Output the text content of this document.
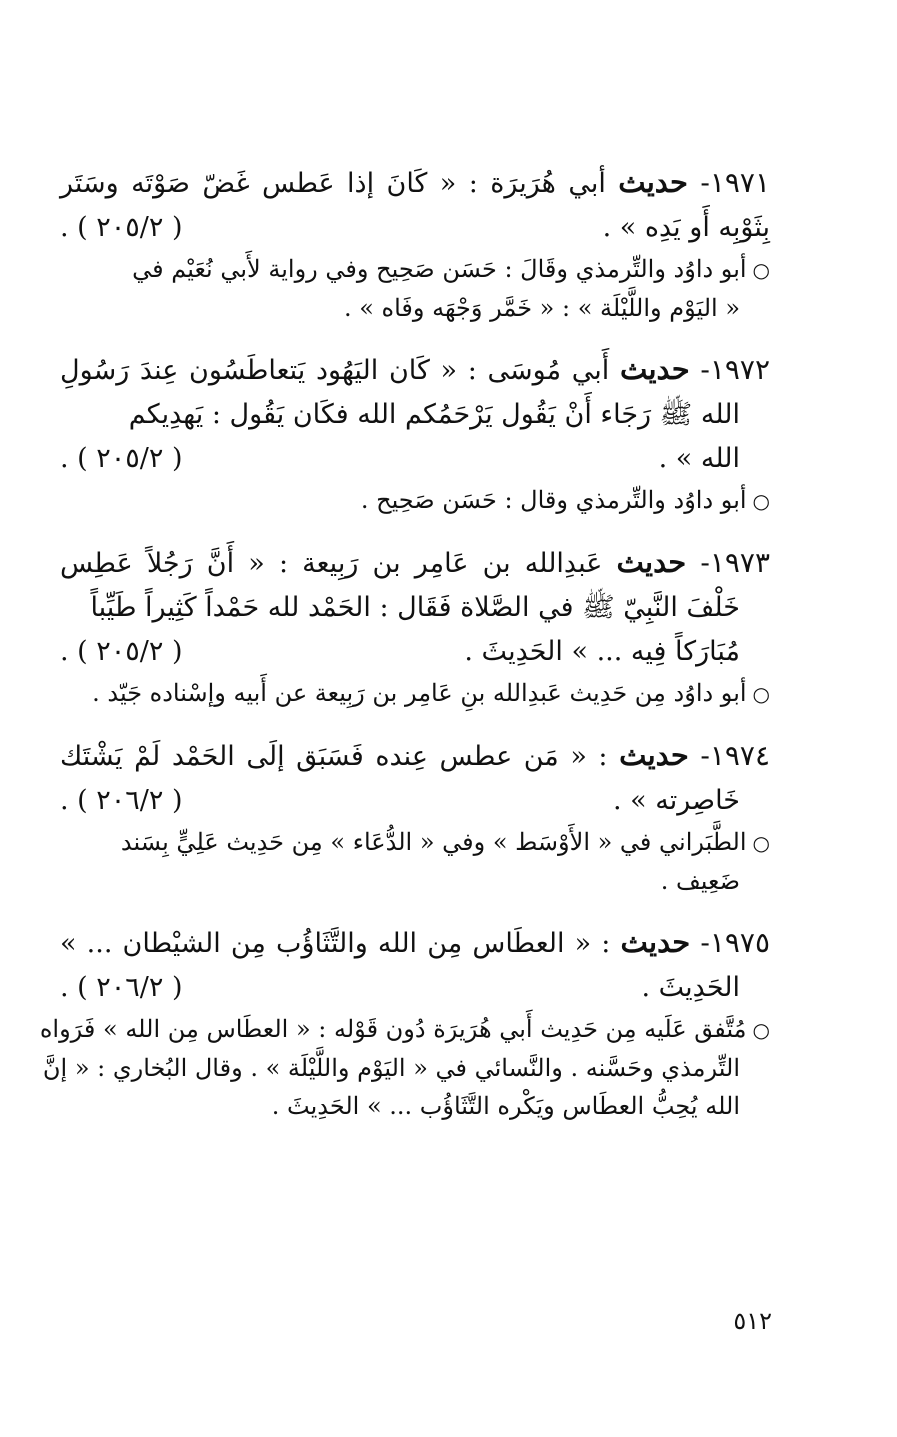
١٩٧١- حديث أبي هُرَيرَة : « كَانَ إذا عَطس غَضّ صَوْتَه وسَتَر
بِثَوْبِه أَو يَدِه » .
( ٢٠٥/٢ ) .
○أبو داوُد والتِّرمذي وقَالَ : حَسَن صَحِيح وفي رواية لأَبي نُعَيْم في
« اليَوْم واللَّيْلَة » : « خَمَّر وَجْهَه وفَاه » .
١٩٧٢- حديث أَبي مُوسَى : « كَان اليَهُود يَتعاطَسُون عِندَ رَسُولِ
الله ﷺ رَجَاء أَنْ يَقُول يَرْحَمُكم الله فكَان يَقُول : يَهدِيكم
الله » .
( ٢٠٥/٢ ) .
○أبو داوُد والتِّرمذي وقال : حَسَن صَحِيح .
١٩٧٣- حديث عَبدِالله بن عَامِر بن رَبِيعة : « أَنَّ رَجُلاً عَطِس
خَلْفَ النَّبِيّ ﷺ في الصَّلاة فَقَال : الحَمْد لله حَمْداً كَثِيراً طَيِّباً
مُبَارَكاً فِيه ... » الحَدِيثَ .
( ٢٠٥/٢ ) .
○أبو داوُد مِن حَدِيث عَبدِالله بنِ عَامِر بن رَبِيعة عن أَبيه وإسْناده جَيّد .
١٩٧٤- حديث : « مَن عطس عِنده فَسَبَق إلَى الحَمْد لَمْ يَشْتَك
خَاصِرته » .
( ٢٠٦/٢ ) .
○الطَّبَراني في « الأَوْسَط » وفي « الدُّعَاء » مِن حَدِيث عَلِيٍّ بِسَند
ضَعِيف .
١٩٧٥- حديث : « العطَاس مِن الله والتَّثَاؤُب مِن الشيْطان ... »
الحَدِيثَ .
( ٢٠٦/٢ ) .
○مُتَّفق عَلَيه مِن حَدِيث أَبي هُرَيرَة دُون قَوْله : « العطَاس مِن الله » فَرَواه
التِّرمذي وحَسَّنه . والنَّسائي في « اليَوْم واللَّيْلَة » . وقال البُخاري : « إنَّ
الله يُحِبُّ العطَاس ويَكْره التَّثَاؤُب ... » الحَدِيثَ .
٥١٢
